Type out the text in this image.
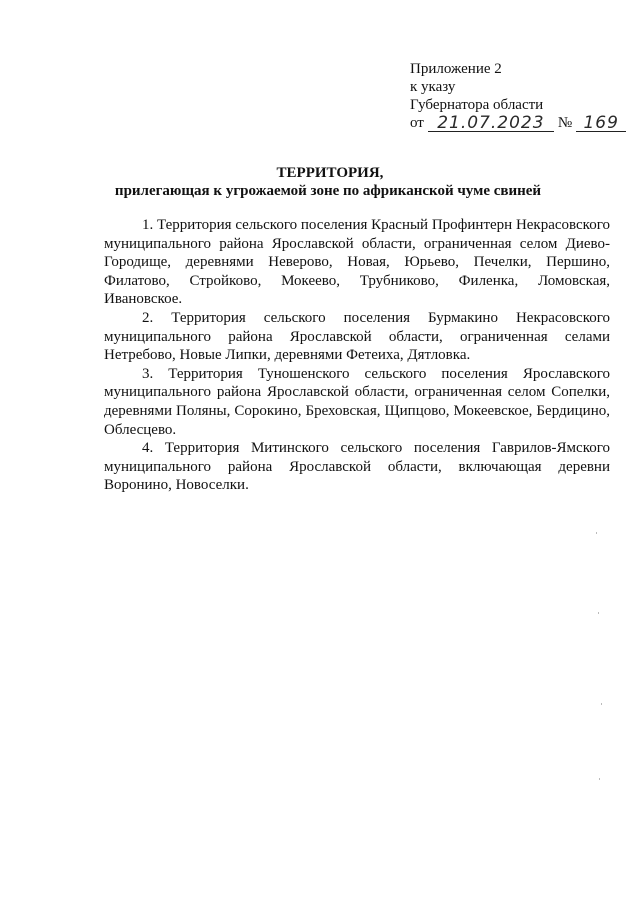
Приложение 2
к указу
Губернатора области
от 21.07.2023 № 169
ТЕРРИТОРИЯ,
прилегающая к угрожаемой зоне по африканской чуме свиней

1. Территория сельского поселения Красный Профинтерн Некрасовского муниципального района Ярославской области, ограниченная селом Диево-Городище, деревнями Неверово, Новая, Юрьево, Печелки, Першино, Филатово, Стройково, Мокеево, Трубниково, Филенка, Ломовская, Ивановское.

2. Территория сельского поселения Бурмакино Некрасовского муниципального района Ярославской области, ограниченная селами Нетребово, Новые Липки, деревнями Фетеиха, Дятловка.

3. Территория Туношенского сельского поселения Ярославского муниципального района Ярославской области, ограниченная селом Сопелки, деревнями Поляны, Сорокино, Бреховская, Щипцово, Мокеевское, Бердицино, Облесцево.

4. Территория Митинского сельского поселения Гаврилов-Ямского муниципального района Ярославской области, включающая деревни Воронино, Новоселки.
